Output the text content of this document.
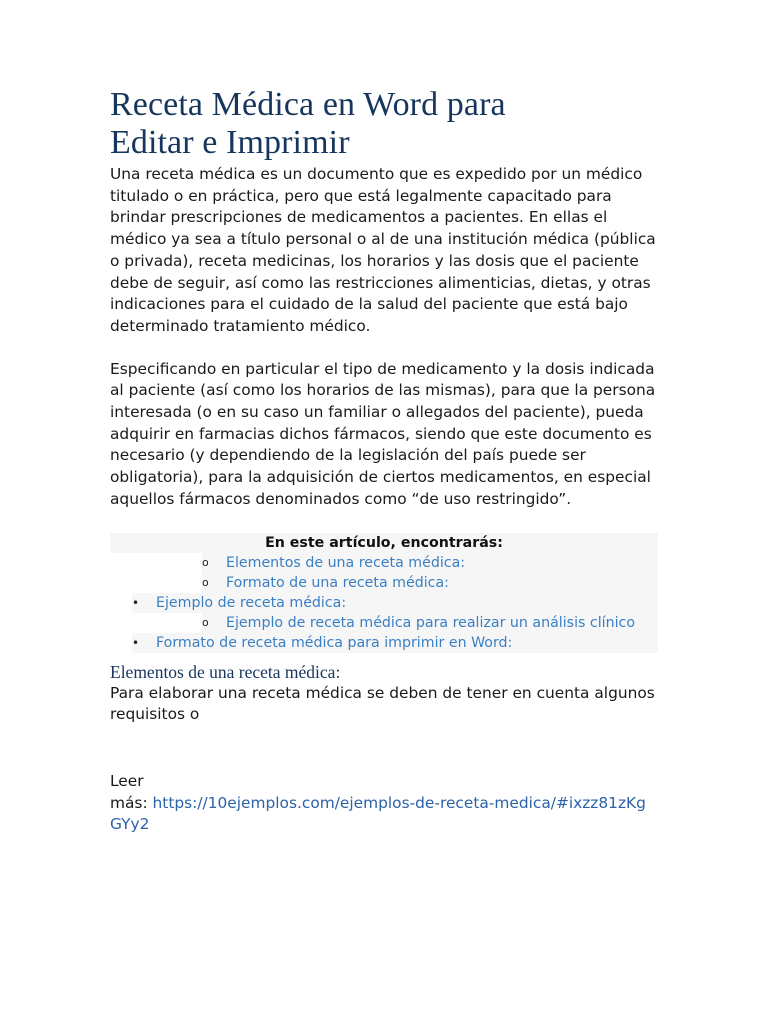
Receta Médica en Word para
Editar e Imprimir

Una receta médica es un documento que es expedido por un médico titulado o en práctica, pero que está legalmente capacitado para brindar prescripciones de medicamentos a pacientes. En ellas el médico ya sea a título personal o al de una institución médica (pública o privada), receta medicinas, los horarios y las dosis que el paciente debe de seguir, así como las restricciones alimenticias, dietas, y otras indicaciones para el cuidado de la salud del paciente que está bajo determinado tratamiento médico.

Especificando en particular el tipo de medicamento y la dosis indicada al paciente (así como los horarios de las mismas), para que la persona interesada (o en su caso un familiar o allegados del paciente), pueda adquirir en farmacias dichos fármacos, siendo que este documento es necesario (y dependiendo de la legislación del país puede ser obligatoria), para la adquisición de ciertos medicamentos, en especial aquellos fármacos denominados como “de uso restringido”.

En este artículo, encontrarás:
o Elementos de una receta médica:
o Formato de una receta médica:
• Ejemplo de receta médica:
o Ejemplo de receta médica para realizar un análisis clínico
• Formato de receta médica para imprimir en Word:
Elementos de una receta médica:

Para elaborar una receta médica se deben de tener en cuenta algunos requisitos o

Leer
más: https://10ejemplos.com/ejemplos-de-receta-medica/#ixzz81zKg
GYy2
